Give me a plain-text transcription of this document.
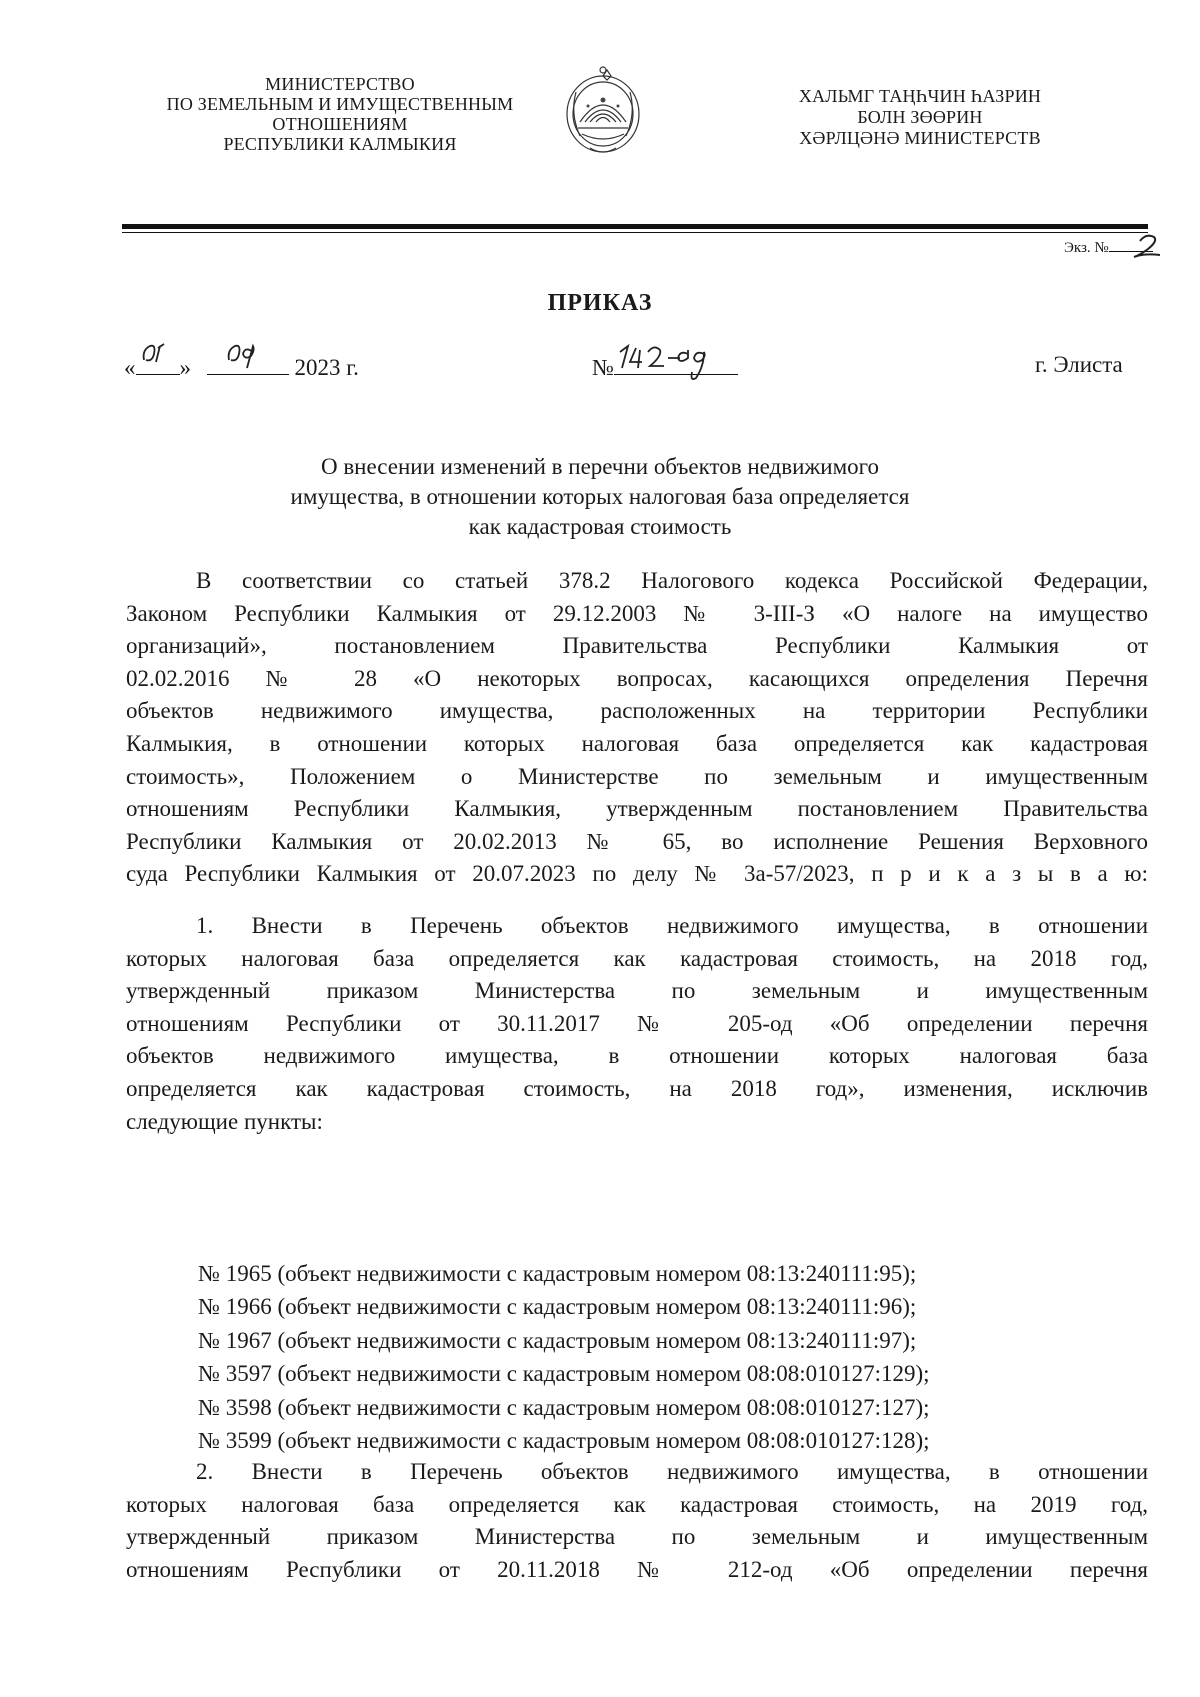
МИНИСТЕРСТВО
ПО ЗЕМЕЛЬНЫМ И ИМУЩЕСТВЕННЫМ
ОТНОШЕНИЯМ
РЕСПУБЛИКИ КАЛМЫКИЯ
ХАЛЬМГ ТАҢҺЧИН ҺАЗРИН
БОЛН ЗӨӨРИН
ХӘРЛЦӘНӘ МИНИСТЕРСТВ
Экз. №
ПРИКАЗ
« »	2023 г.	№	г. Элиста
О внесении изменений в перечни объектов недвижимого
имущества, в отношении которых налоговая база определяется
как кадастровая стоимость
В соответствии со статьей 378.2 Налогового кодекса Российской Федерации,
Законом Республики Калмыкия от 29.12.2003 № 3-III-З «О налоге на имущество
организаций», постановлением Правительства Республики Калмыкия от
02.02.2016 № 28 «О некоторых вопросах, касающихся определения Перечня
объектов недвижимого имущества, расположенных на территории Республики
Калмыкия, в отношении которых налоговая база определяется как кадастровая
стоимость», Положением о Министерстве по земельным и имущественным
отношениям Республики Калмыкия, утвержденным постановлением Правительства
Республики Калмыкия от 20.02.2013 № 65, во исполнение Решения Верховного
суда Республики Калмыкия от 20.07.2023 по делу № 3а-57/2023, п р и к а з ы в а ю:
1. Внести в Перечень объектов недвижимого имущества, в отношении
которых налоговая база определяется как кадастровая стоимость, на 2018 год,
утвержденный приказом Министерства по земельным и имущественным
отношениям Республики от 30.11.2017 № 205-од «Об определении перечня
объектов недвижимого имущества, в отношении которых налоговая база
определяется как кадастровая стоимость, на 2018 год», изменения, исключив
следующие пункты:
№ 1965 (объект недвижимости с кадастровым номером 08:13:240111:95);
№ 1966 (объект недвижимости с кадастровым номером 08:13:240111:96);
№ 1967 (объект недвижимости с кадастровым номером 08:13:240111:97);
№ 3597 (объект недвижимости с кадастровым номером 08:08:010127:129);
№ 3598 (объект недвижимости с кадастровым номером 08:08:010127:127);
№ 3599 (объект недвижимости с кадастровым номером 08:08:010127:128);
2. Внести в Перечень объектов недвижимого имущества, в отношении
которых налоговая база определяется как кадастровая стоимость, на 2019 год,
утвержденный приказом Министерства по земельным и имущественным
отношениям Республики от 20.11.2018 № 212-од «Об определении перечня
